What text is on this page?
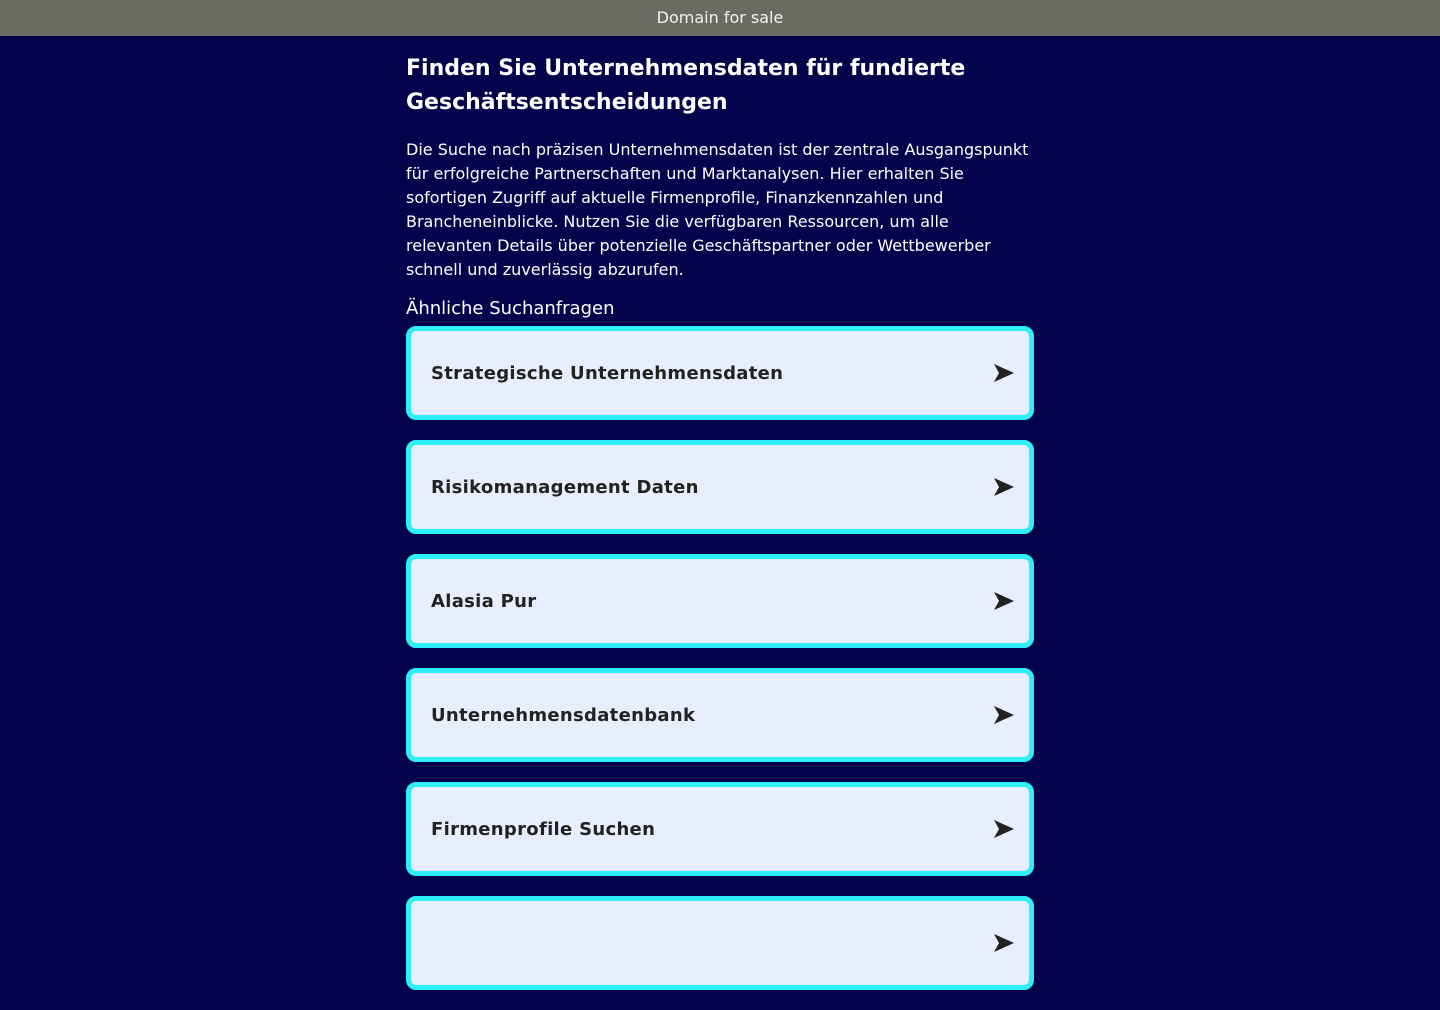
Domain for sale
Finden Sie Unternehmensdaten für fundierte Geschäftsentscheidungen

Die Suche nach präzisen Unternehmensdaten ist der zentrale Ausgangspunkt für erfolgreiche Partnerschaften und Marktanalysen. Hier erhalten Sie sofortigen Zugriff auf aktuelle Firmenprofile, Finanzkennzahlen und Brancheneinblicke. Nutzen Sie die verfügbaren Ressourcen, um alle relevanten Details über potenzielle Geschäftspartner oder Wettbewerber schnell und zuverlässig abzurufen.

Ähnliche Suchanfragen
Strategische Unternehmensdaten
Risikomanagement Daten
Alasia Pur
Unternehmensdatenbank
Firmenprofile Suchen
